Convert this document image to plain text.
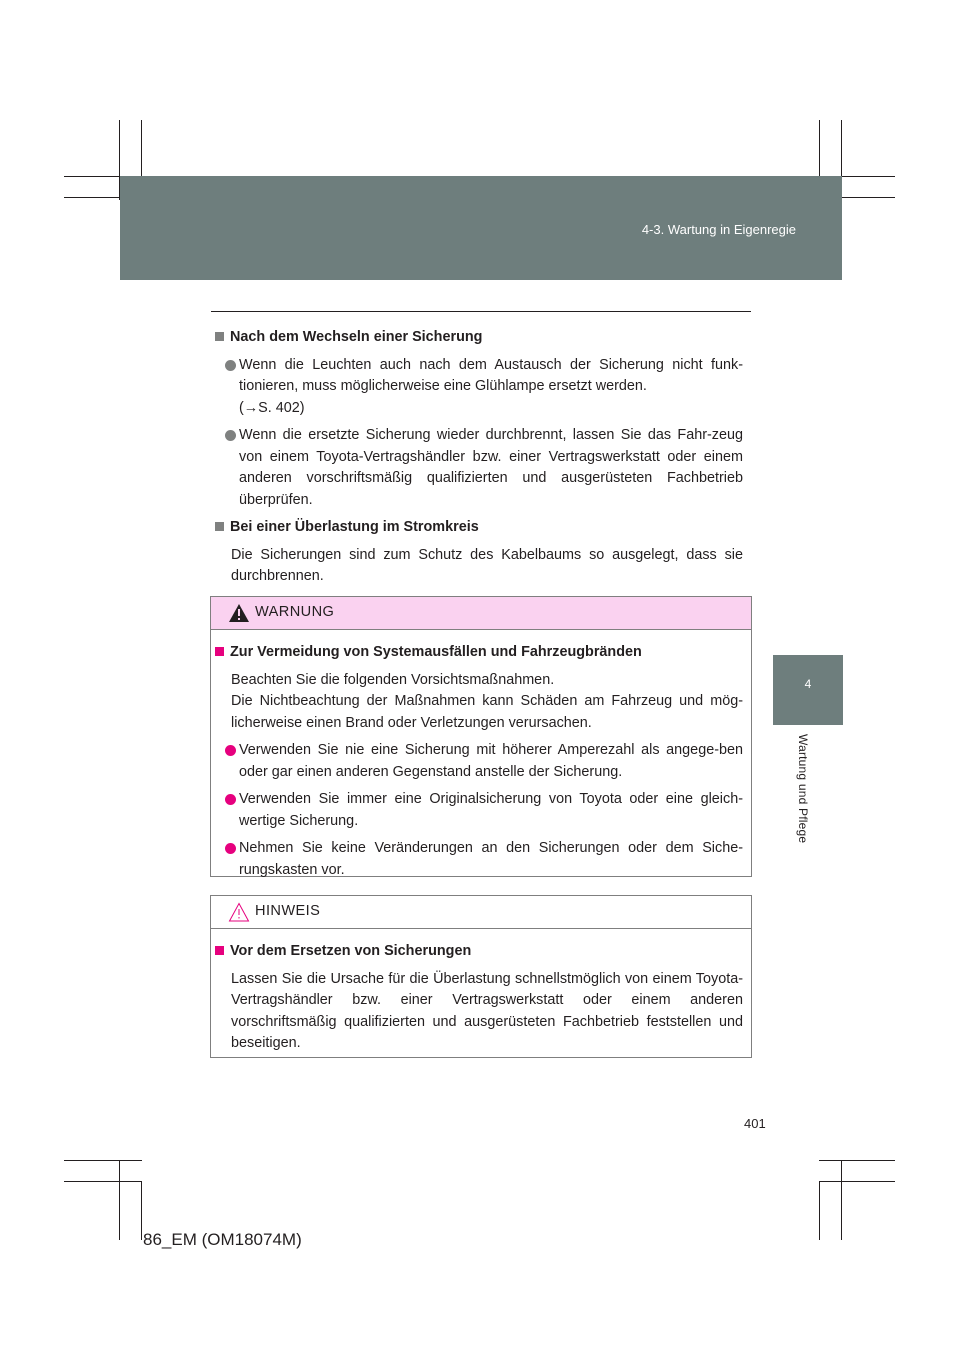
4-3. Wartung in Eigenregie
4
Wartung und Pflege
Nach dem Wechseln einer Sicherung
Wenn die Leuchten auch nach dem Austausch der Sicherung nicht funk-tionieren, muss möglicherweise eine Glühlampe ersetzt werden.
(→S. 402)
Wenn die ersetzte Sicherung wieder durchbrennt, lassen Sie das Fahr-zeug von einem Toyota-Vertragshändler bzw. einer Vertragswerkstatt oder einem anderen vorschriftsmäßig qualifizierten und ausgerüsteten Fachbetrieb überprüfen.
Bei einer Überlastung im Stromkreis
Die Sicherungen sind zum Schutz des Kabelbaums so ausgelegt, dass sie durchbrennen.
WARNUNG
Zur Vermeidung von Systemausfällen und Fahrzeugbränden
Beachten Sie die folgenden Vorsichtsmaßnahmen.
Die Nichtbeachtung der Maßnahmen kann Schäden am Fahrzeug und mög-licherweise einen Brand oder Verletzungen verursachen.
Verwenden Sie nie eine Sicherung mit höherer Amperezahl als angege-ben oder gar einen anderen Gegenstand anstelle der Sicherung.
Verwenden Sie immer eine Originalsicherung von Toyota oder eine gleich-wertige Sicherung.
Nehmen Sie keine Veränderungen an den Sicherungen oder dem Siche-rungskasten vor.
HINWEIS
Vor dem Ersetzen von Sicherungen
Lassen Sie die Ursache für die Überlastung schnellstmöglich von einem Toyota-Vertragshändler bzw. einer Vertragswerkstatt oder einem anderen vorschriftsmäßig qualifizierten und ausgerüsteten Fachbetrieb feststellen und beseitigen.
401
86_EM (OM18074M)
